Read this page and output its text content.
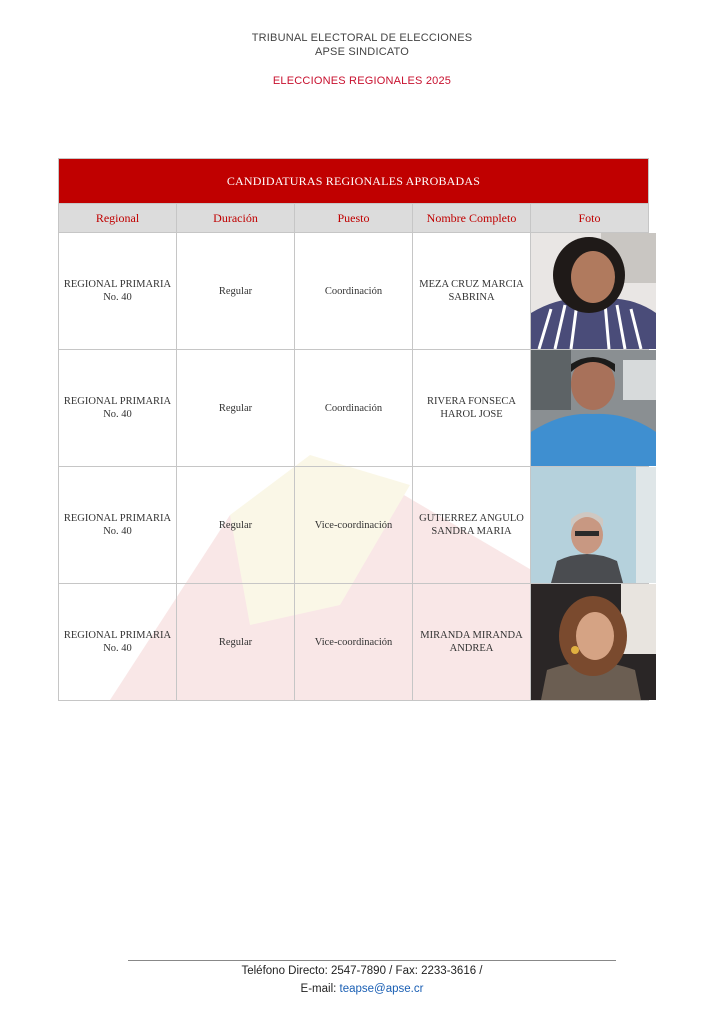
TRIBUNAL ELECTORAL DE ELECCIONES
APSE SINDICATO
ELECCIONES REGIONALES 2025
CANDIDATURAS REGIONALES APROBADAS				
Regional	Duración	Puesto	Nombre Completo	Foto
REGIONAL PRIMARIA No. 40	Regular	Coordinación	MEZA CRUZ MARCIA SABRINA	

REGIONAL PRIMARIA No. 40	Regular	Coordinación	RIVERA FONSECA HAROL JOSE	

REGIONAL PRIMARIA No. 40	Regular	Vice-coordinación	GUTIERREZ ANGULO SANDRA MARIA	

REGIONAL PRIMARIA No. 40	Regular	Vice-coordinación	MIRANDA MIRANDA ANDREA	
Teléfono Directo: 2547-7890 / Fax: 2233-3616 /
E-mail: teapse@apse.cr
